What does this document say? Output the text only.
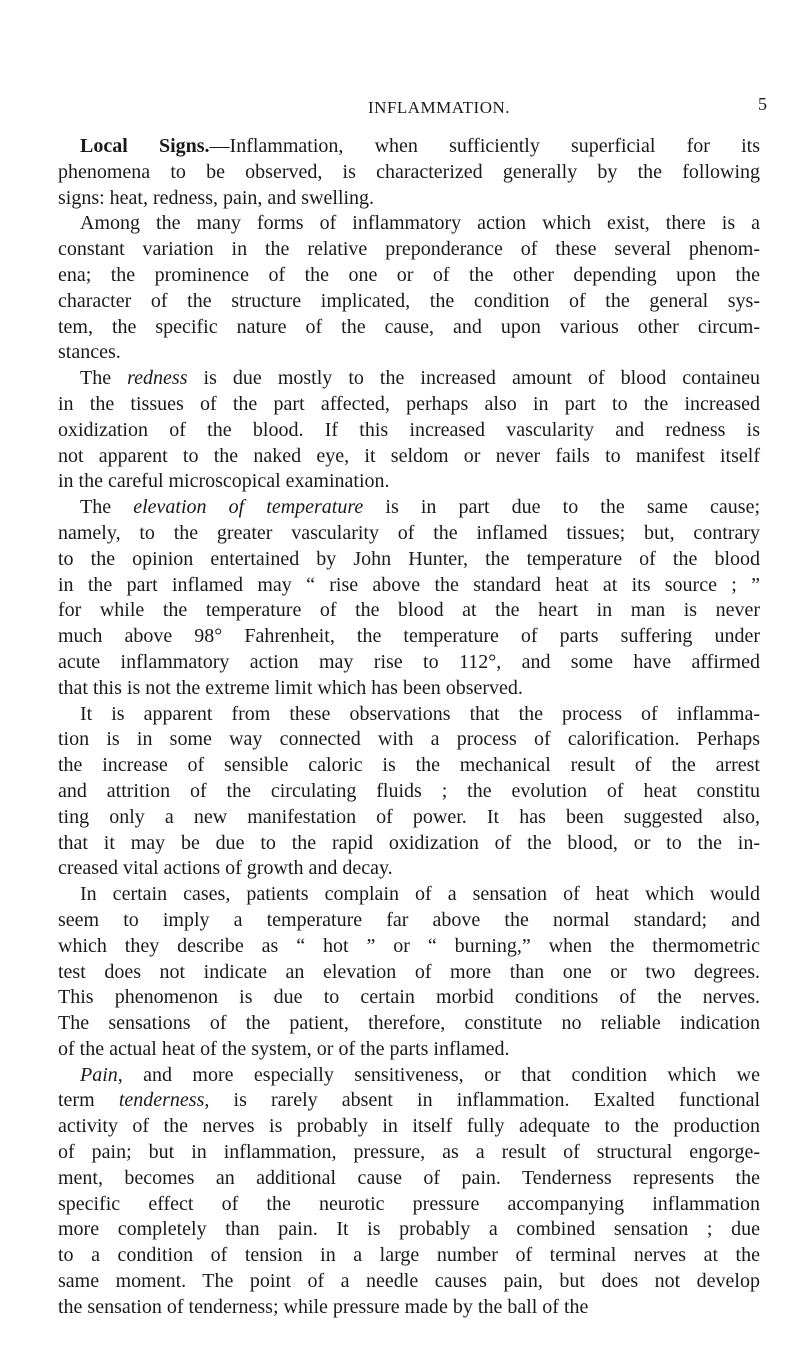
INFLAMMATION.	5
Local Signs.—Inflammation, when sufficiently superficial for its
phenomena to be observed, is characterized generally by the following
signs: heat, redness, pain, and swelling.
Among the many forms of inflammatory action which exist, there is a
constant variation in the relative preponderance of these several phenom-
ena; the prominence of the one or of the other depending upon the
character of the structure implicated, the condition of the general sys-
tem, the specific nature of the cause, and upon various other circum-
stances.
The redness is due mostly to the increased amount of blood containeu
in the tissues of the part affected, perhaps also in part to the increased
oxidization of the blood. If this increased vascularity and redness is
not apparent to the naked eye, it seldom or never fails to manifest itself
in the careful microscopical examination.
The elevation of temperature is in part due to the same cause;
namely, to the greater vascularity of the inflamed tissues; but, contrary
to the opinion entertained by John Hunter, the temperature of the blood
in the part inflamed may “ rise above the standard heat at its source ; ”
for while the temperature of the blood at the heart in man is never
much above 98° Fahrenheit, the temperature of parts suffering under
acute inflammatory action may rise to 112°, and some have affirmed
that this is not the extreme limit which has been observed.
It is apparent from these observations that the process of inflamma-
tion is in some way connected with a process of calorification. Perhaps
the increase of sensible caloric is the mechanical result of the arrest
and attrition of the circulating fluids ; the evolution of heat constitu
ting only a new manifestation of power. It has been suggested also,
that it may be due to the rapid oxidization of the blood, or to the in-
creased vital actions of growth and decay.
In certain cases, patients complain of a sensation of heat which would
seem to imply a temperature far above the normal standard; and
which they describe as “ hot ” or “ burning,” when the thermometric
test does not indicate an elevation of more than one or two degrees.
This phenomenon is due to certain morbid conditions of the nerves.
The sensations of the patient, therefore, constitute no reliable indication
of the actual heat of the system, or of the parts inflamed.
Pain, and more especially sensitiveness, or that condition which we
term tenderness, is rarely absent in inflammation. Exalted functional
activity of the nerves is probably in itself fully adequate to the production
of pain; but in inflammation, pressure, as a result of structural engorge-
ment, becomes an additional cause of pain. Tenderness represents the
specific effect of the neurotic pressure accompanying inflammation
more completely than pain. It is probably a combined sensation ; due
to a condition of tension in a large number of terminal nerves at the
same moment. The point of a needle causes pain, but does not develop
the sensation of tenderness; while pressure made by the ball of the
